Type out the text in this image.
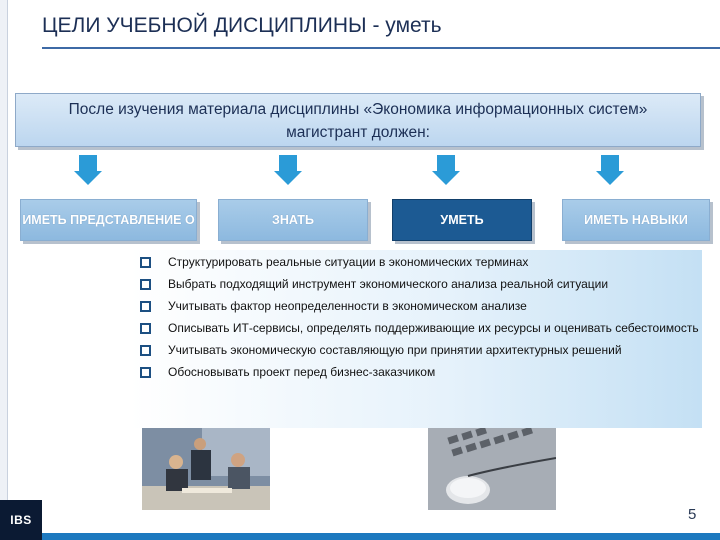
ЦЕЛИ УЧЕБНОЙ ДИСЦИПЛИНЫ - уметь
После изучения материала дисциплины «Экономика информационных систем» магистрант должен:
ИМЕТЬ ПРЕДСТАВЛЕНИЕ О	ЗНАТЬ	УМЕТЬ	ИМЕТЬ НАВЫКИ
Структурировать реальные ситуации в экономических терминах
Выбрать подходящий инструмент экономического анализа реальной ситуации
Учитывать фактор неопределенности в экономическом анализе
Описывать ИТ-сервисы, определять поддерживающие их ресурсы и оценивать себестоимость
Учитывать экономическую составляющую при принятии архитектурных решений
Обосновывать проект перед бизнес-заказчиком
IBS	5
